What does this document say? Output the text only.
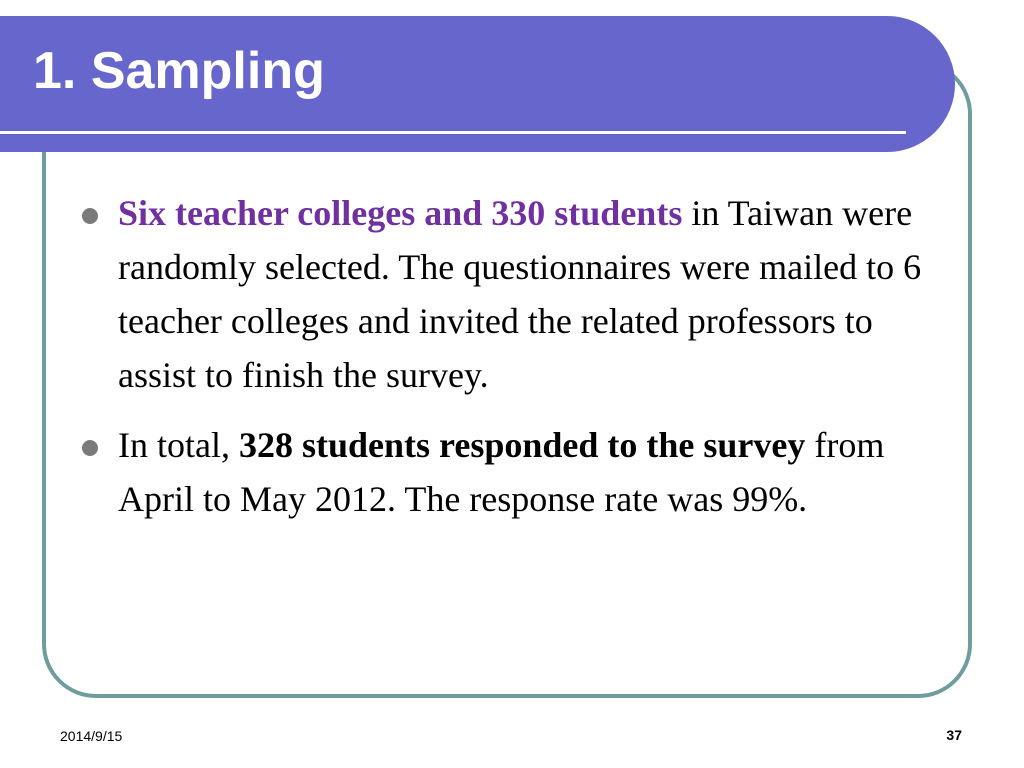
1. Sampling
Six teacher colleges and 330 students in Taiwan were randomly selected. The questionnaires were mailed to 6 teacher colleges and invited the related professors to assist to finish the survey.
In total, 328 students responded to the survey from April to May 2012. The response rate was 99%.
2014/9/15	37
